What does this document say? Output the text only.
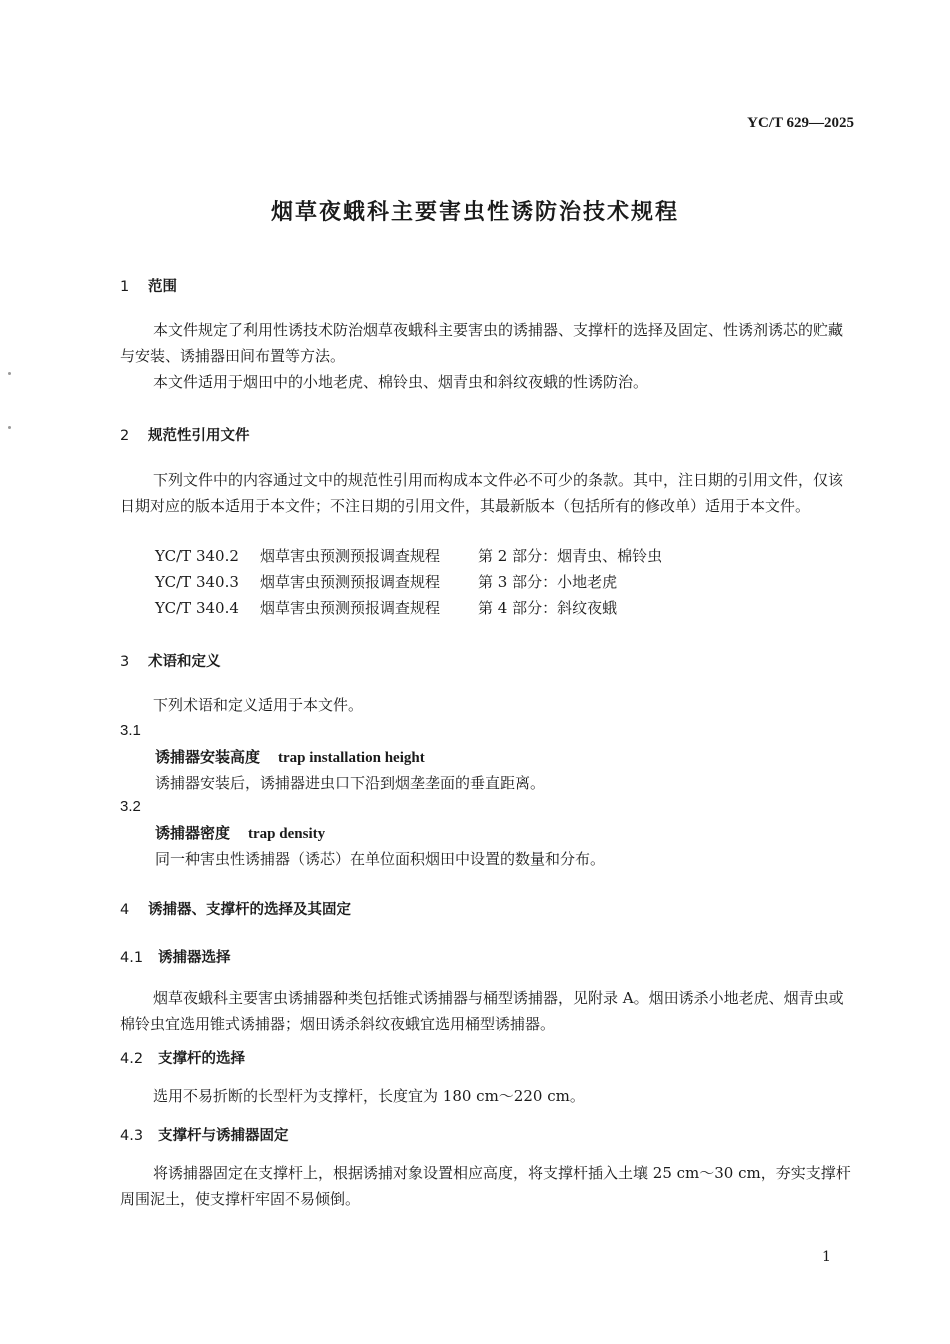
YC/T 629—2025
烟草夜蛾科主要害虫性诱防治技术规程
1 范围
本文件规定了利用性诱技术防治烟草夜蛾科主要害虫的诱捕器、支撑杆的选择及固定、性诱剂诱芯的贮藏与安装、诱捕器田间布置等方法。
本文件适用于烟田中的小地老虎、棉铃虫、烟青虫和斜纹夜蛾的性诱防治。
2 规范性引用文件
下列文件中的内容通过文中的规范性引用而构成本文件必不可少的条款。其中，注日期的引用文件，仅该日期对应的版本适用于本文件；不注日期的引用文件，其最新版本（包括所有的修改单）适用于本文件。
YC/T 340.2 烟草害虫预测预报调查规程	第 2 部分：烟青虫、棉铃虫
YC/T 340.3 烟草害虫预测预报调查规程	第 3 部分：小地老虎
YC/T 340.4 烟草害虫预测预报调查规程	第 4 部分：斜纹夜蛾
3 术语和定义
下列术语和定义适用于本文件。
3.1
诱捕器安装高度 trap installation height
诱捕器安装后，诱捕器进虫口下沿到烟垄垄面的垂直距离。
3.2
诱捕器密度 trap density
同一种害虫性诱捕器（诱芯）在单位面积烟田中设置的数量和分布。
4 诱捕器、支撑杆的选择及其固定
4.1 诱捕器选择
烟草夜蛾科主要害虫诱捕器种类包括锥式诱捕器与桶型诱捕器，见附录 A。烟田诱杀小地老虎、烟青虫或棉铃虫宜选用锥式诱捕器；烟田诱杀斜纹夜蛾宜选用桶型诱捕器。
4.2 支撑杆的选择
选用不易折断的长型杆为支撑杆，长度宜为 180 cm～220 cm。
4.3 支撑杆与诱捕器固定
将诱捕器固定在支撑杆上，根据诱捕对象设置相应高度，将支撑杆插入土壤 25 cm～30 cm，夯实支撑杆周围泥土，使支撑杆牢固不易倾倒。
1
